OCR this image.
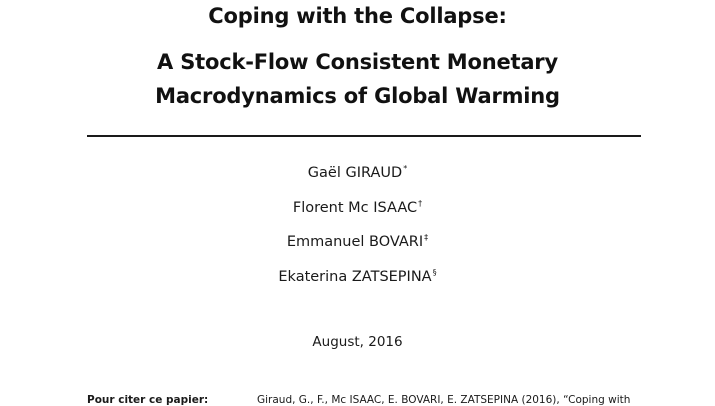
Coping with the Collapse:
A Stock-Flow Consistent Monetary
Macrodynamics of Global Warming
Gaël GIRAUD*
Florent Mc ISAAC†
Emmanuel BOVARI‡
Ekaterina ZATSEPINA§
August, 2016
Pour citer ce papier:	Giraud, G., F., Mc ISAAC, E. BOVARI, E. ZATSEPINA (2016), “Coping with
